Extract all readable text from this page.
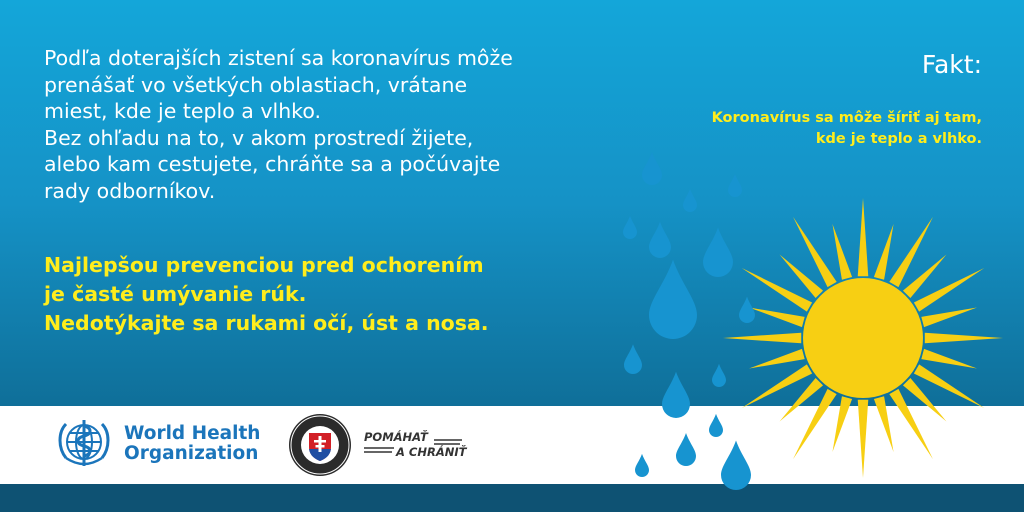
Podľa doterajších zistení sa koronavírus môže

prenášať vo všetkých oblastiach, vrátane

miest, kde je teplo a vlhko.

Bez ohľadu na to, v akom prostredí žijete,

alebo kam cestujete, chráňte sa a počúvajte

rady odborníkov.

Najlepšou prevenciou pred ochorením

je časté umývanie rúk.

Nedotýkajte sa rukami očí, úst a nosa.

Fakt:

Koronavírus sa môže šíriť aj tam,

kde je teplo a vlhko.

World Health
Organization
POMÁHAŤ
A CHRÁNIŤ
